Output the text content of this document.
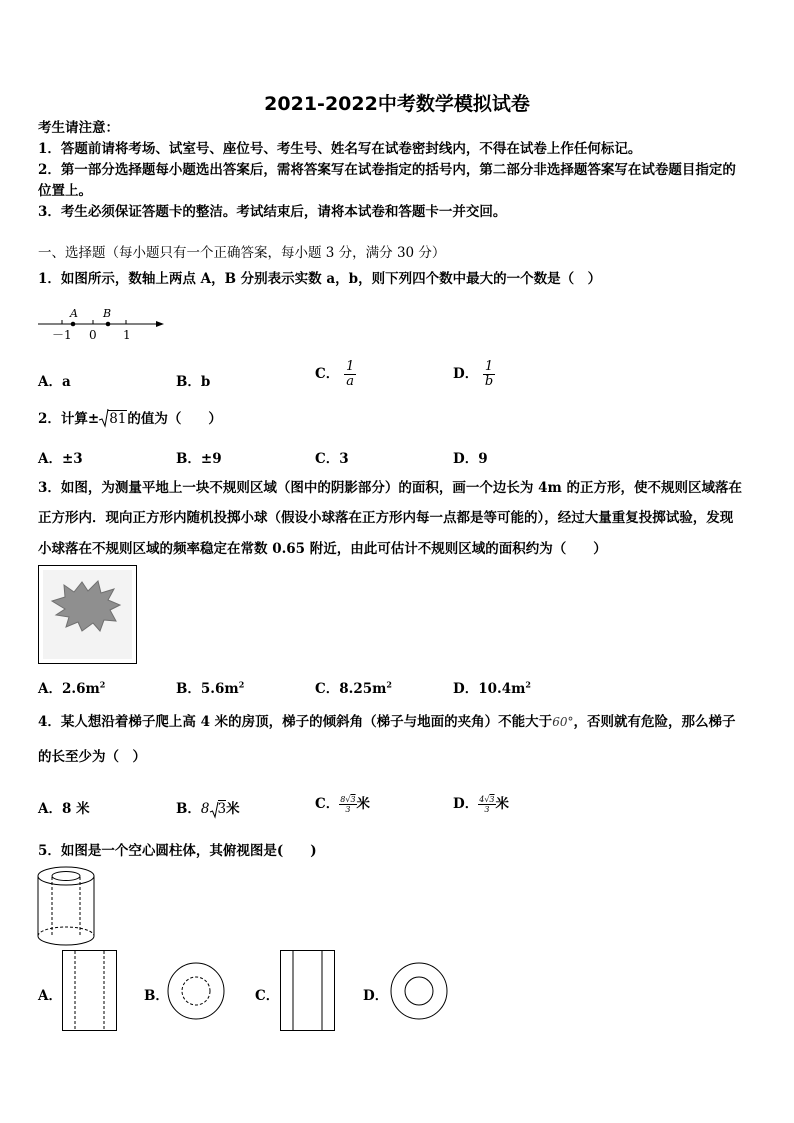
2021-2022中考数学模拟试卷
考生请注意：
1．答题前请将考场、试室号、座位号、考生号、姓名写在试卷密封线内，不得在试卷上作任何标记。
2．第一部分选择题每小题选出答案后，需将答案写在试卷指定的括号内，第二部分非选择题答案写在试卷题目指定的
位置上。
3．考生必须保证答题卡的整洁。考试结束后，请将本试卷和答题卡一并交回。
一、选择题（每小题只有一个正确答案，每小题 3 分，满分 30 分）
1．如图所示，数轴上两点 A，B 分别表示实数 a，b，则下列四个数中最大的一个数是（　）
A B
－1 0 1
A．a	B．b	C． $\frac{1}{a}$	D． $\frac{1}{b}$
2．计算± 81的值为（　　）
A．±3	B．±9	C．3	D．9
3．如图，为测量平地上一块不规则区域（图中的阴影部分）的面积，画一个边长为 4m 的正方形，使不规则区域落在
正方形内．现向正方形内随机投掷小球（假设小球落在正方形内每一点都是等可能的），经过大量重复投掷试验，发现
小球落在不规则区域的频率稳定在常数 0.65 附近，由此可估计不规则区域的面积约为（　　）
A．$2.6m^2$	B．$5.6m^2$	C．$8.25m^2$	D．$10.4m^2$
4．某人想沿着梯子爬上高 4 米的房顶，梯子的倾斜角（梯子与地面的夹角）不能大于60°，否则就有危险，那么梯子
的长至少为（　）
A．8 米	B．8 3米	C． $\frac{8√3}{3}$ 米	D． $\frac{4√3}{3}$ 米
5．如图是一个空心圆柱体，其俯视图是(　　)
A．	B．	C．	D．
